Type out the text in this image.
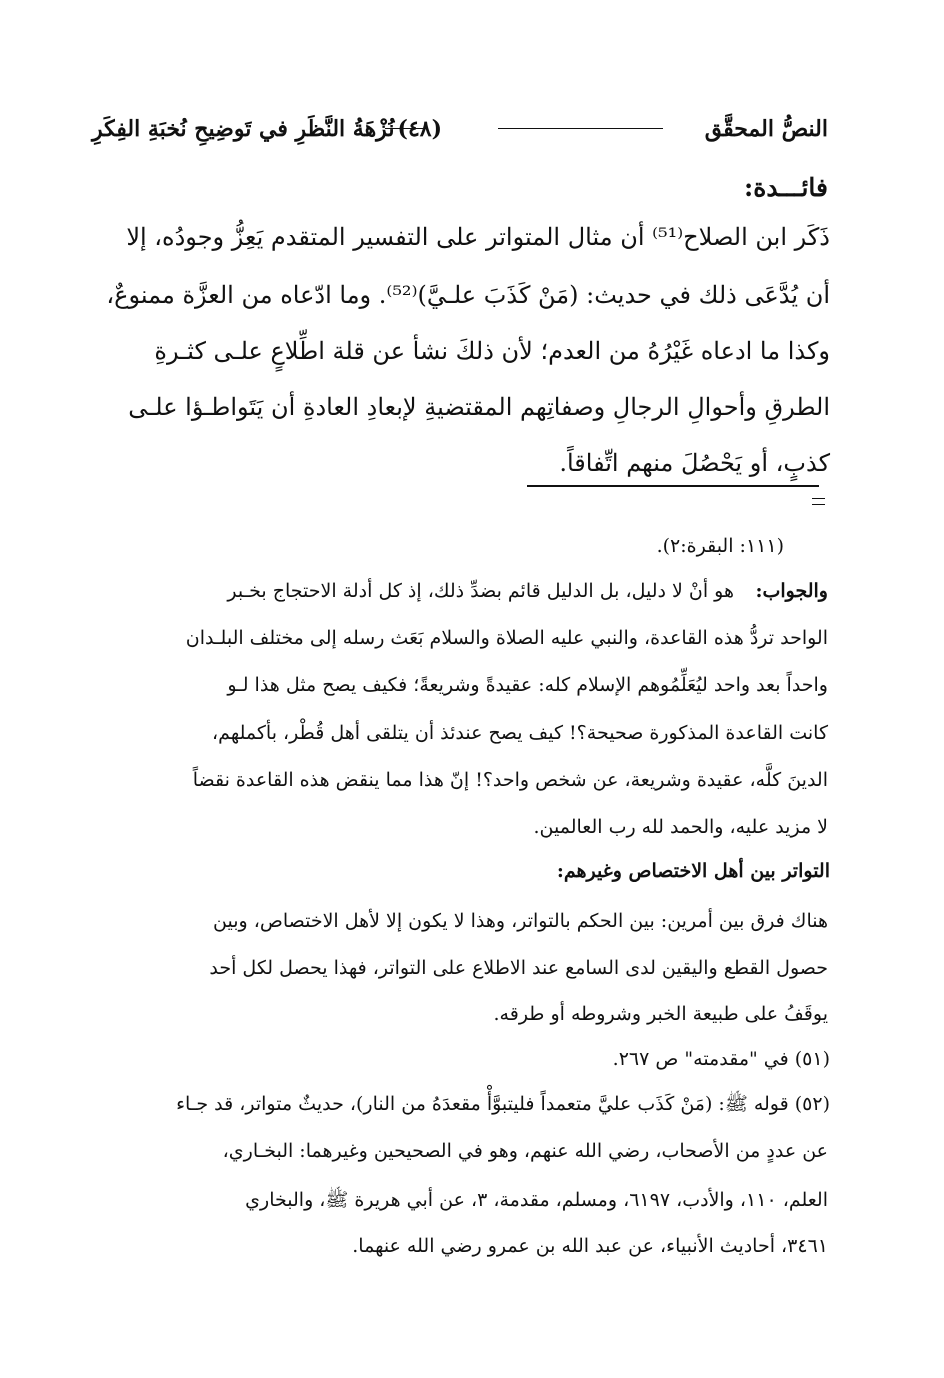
النصُّ المحقَّق
(٤٨)
نُزْهَةُ النَّظَرِ في تَوضِيحِ نُخبَةِ الفِكَرِ
فائـــدة:
ذَكَر ابن الصلاح⁽⁵¹⁾ أن مثال المتواتر على التفسير المتقدم يَعِزُّ وجودُه، إلا
أن يُدَّعَى ذلك في حديث: (مَنْ كَذَبَ علـيَّ)⁽⁵²⁾. وما ادّعاه من العزَّة ممنوعٌ،
وكذا ما ادعاه غَيْرُهُ من العدم؛ لأن ذلكَ نشأ عن قلة اطِّلاعٍ علـى كثـرةِ
الطرقِ وأحوالِ الرجالِ وصفاتِهم المقتضيةِ لإبعادِ العادةِ أن يَتَواطـؤا علـى
كذبٍ، أو يَحْصُلَ منهم اتِّفاقاً.
(١١١: البقرة:٢).
والجواب:
هو أنْ لا دليل، بل الدليل قائم بضدِّ ذلك، إذ كل أدلة الاحتجاج بخـبر
الواحد تردُّ هذه القاعدة، والنبي عليه الصلاة والسلام بَعَث رسله إلى مختلف البلـدان
واحداً بعد واحد ليُعَلِّمُوهم الإسلام كله: عقيدةً وشريعةً؛ فكيف يصح مثل هذا لـو
كانت القاعدة المذكورة صحيحة؟! كيف يصح عندئذ أن يتلقى أهل قُطْر، بأكملهم،
الدينَ كلَّه، عقيدة وشريعة، عن شخص واحد؟! إنّ هذا مما ينقض هذه القاعدة نقضاً
لا مزيد عليه، والحمد لله رب العالمين.
التواتر بين أهل الاختصاص وغيرهم:
هناك فرق بين أمرين: بين الحكم بالتواتر، وهذا لا يكون إلا لأهل الاختصاص، وبين
حصول القطع واليقين لدى السامع عند الاطلاع على التواتر، فهذا يحصل لكل أحد
يوقَفُ على طبيعة الخبر وشروطه أو طرقه.
(٥١) في "مقدمته" ص ٢٦٧.
(٥٢) قوله ﷺ: (مَنْ كَذَب عليَّ متعمداً فليتبوَّأْ مقعدَهُ من النار)، حديثٌ متواتر، قد جـاء
عن عددٍ من الأصحاب، رضي الله عنهم، وهو في الصحيحين وغيرهما: البخـاري،
العلم، ١١٠، والأدب، ٦١٩٧، ومسلم، مقدمة، ٣، عن أبي هريرة ﷺ، والبخاري
٣٤٦١، أحاديث الأنبياء، عن عبد الله بن عمرو رضي الله عنهما.
